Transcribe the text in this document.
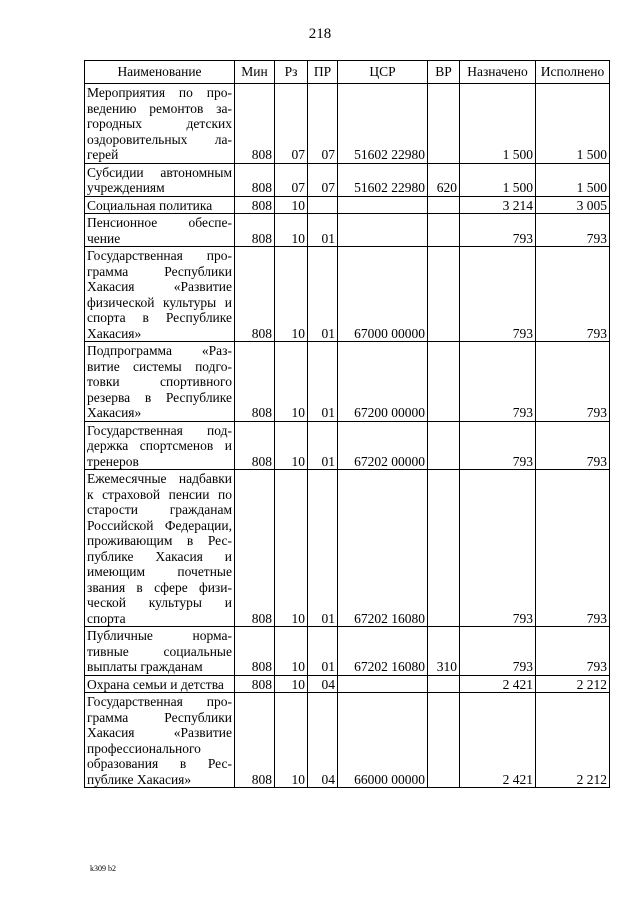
218
Наименование	Мин	Рз	ПР	ЦСР	ВР	Назначено	Исполнено
Мероприятия по проведению ремонтов загородных детских оздоровительных лагерей	808	07	07	51602 22980		1 500	1 500
Субсидии автономным учреждениям	808	07	07	51602 22980	620	1 500	1 500
Социальная политика	808	10				3 214	3 005
Пенсионное обеспечение	808	10	01			793	793
Государственная программа Республики Хакасия «Развитие физической культуры и спорта в Республике Хакасия»	808	10	01	67000 00000		793	793
Подпрограмма «Развитие системы подготовки спортивного резерва в Республике Хакасия»	808	10	01	67200 00000		793	793
Государственная поддержка спортсменов и тренеров	808	10	01	67202 00000		793	793
Ежемесячные надбавки к страховой пенсии по старости гражданам Российской Федерации, проживающим в Республике Хакасия и имеющим почетные звания в сфере физической культуры и спорта	808	10	01	67202 16080		793	793
Публичные нормативные социальные выплаты гражданам	808	10	01	67202 16080	310	793	793
Охрана семьи и детства	808	10	04			2 421	2 212
Государственная программа Республики Хакасия «Развитие профессионального образования в Республике Хакасия»	808	10	04	66000 00000		2 421	2 212
k309 b2
